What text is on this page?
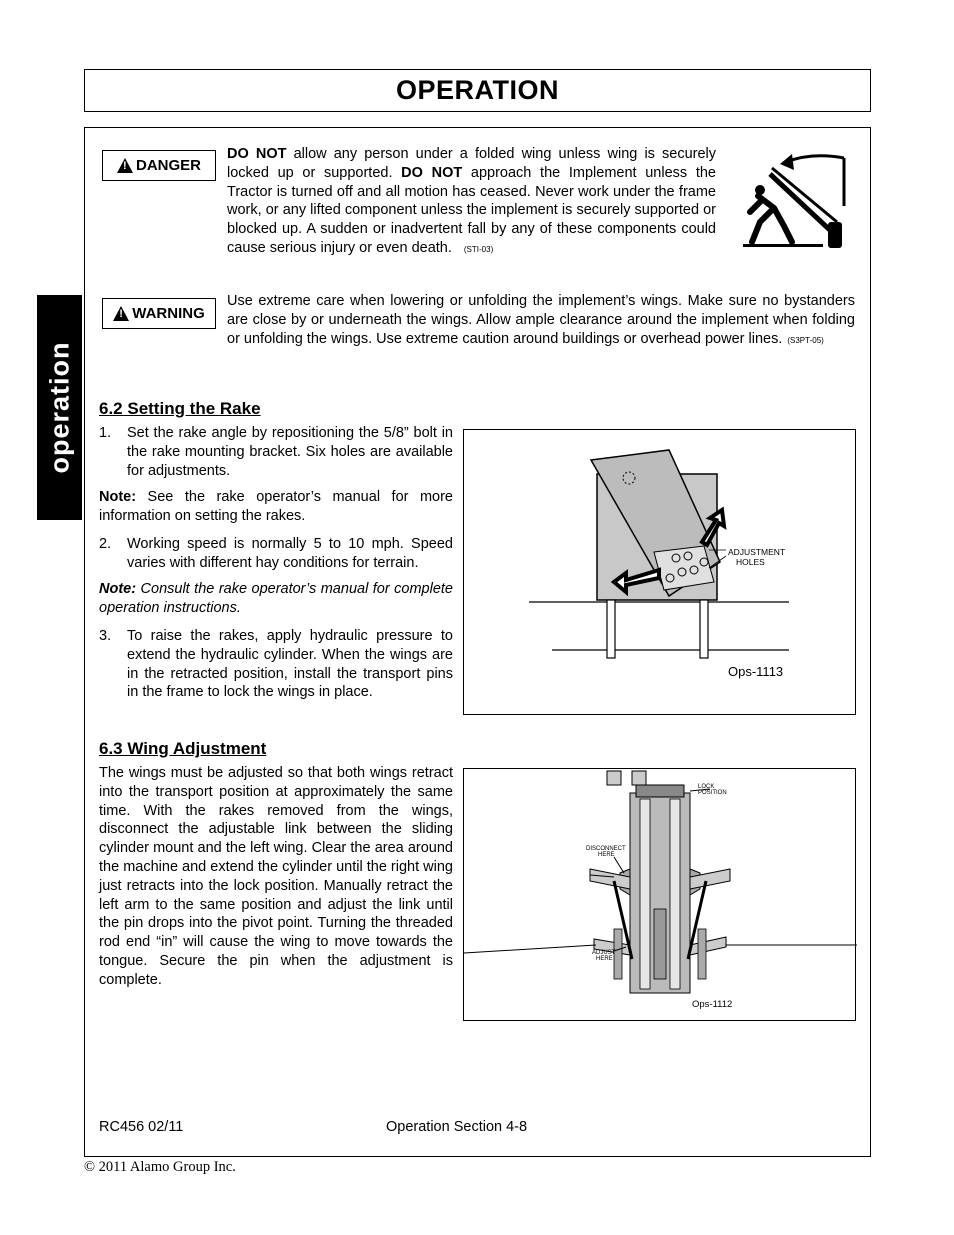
OPERATION
operation
!
DANGER
DO NOT allow any person under a folded wing unless wing is securely locked up or supported. DO NOT approach the Implement unless the Tractor is turned off and all motion has ceased. Never work under the frame work, or any lifted component unless the implement is securely supported or blocked up. A sudden or inadvertent fall by any of these components could cause serious injury or even death. (STI-03)
!
WARNING
Use extreme care when lowering or unfolding the implement’s wings. Make sure no bystanders are close by or underneath the wings. Allow ample clearance around the implement when folding or unfolding the wings. Use extreme caution around buildings or overhead power lines. (S3PT-05)
6.2 Setting the Rake
1. Set the rake angle by repositioning the 5/8” bolt in the rake mounting bracket. Six holes are available for adjustments.
Note: See the rake operator’s manual for more information on setting the rakes.
2. Working speed is normally 5 to 10 mph. Speed varies with different hay conditions for terrain.
Note: Consult the rake operator’s manual for complete operation instructions.
3. To raise the rakes, apply hydraulic pressure to extend the hydraulic cylinder. When the wings are in the retracted position, install the transport pins in the frame to lock the wings in place.
ADJUSTMENT
HOLES
Ops-1113
6.3 Wing Adjustment
The wings must be adjusted so that both wings retract into the transport position at approximately the same time. With the rakes removed from the wings, disconnect the adjustable link between the sliding cylinder mount and the left wing. Clear the area around the machine and extend the cylinder until the right wing just retracts into the lock position. Manually retract the left arm to the same position and adjust the link until the pin drops into the pivot point. Turning the threaded rod end “in” will cause the wing to move towards the tongue. Secure the pin when the adjustment is complete.
LOCK
POSITION
DISCONNECT
HERE
ADJUST
HERE
Ops-1112
RC456 02/11	Operation Section 4-8
© 2011 Alamo Group Inc.
